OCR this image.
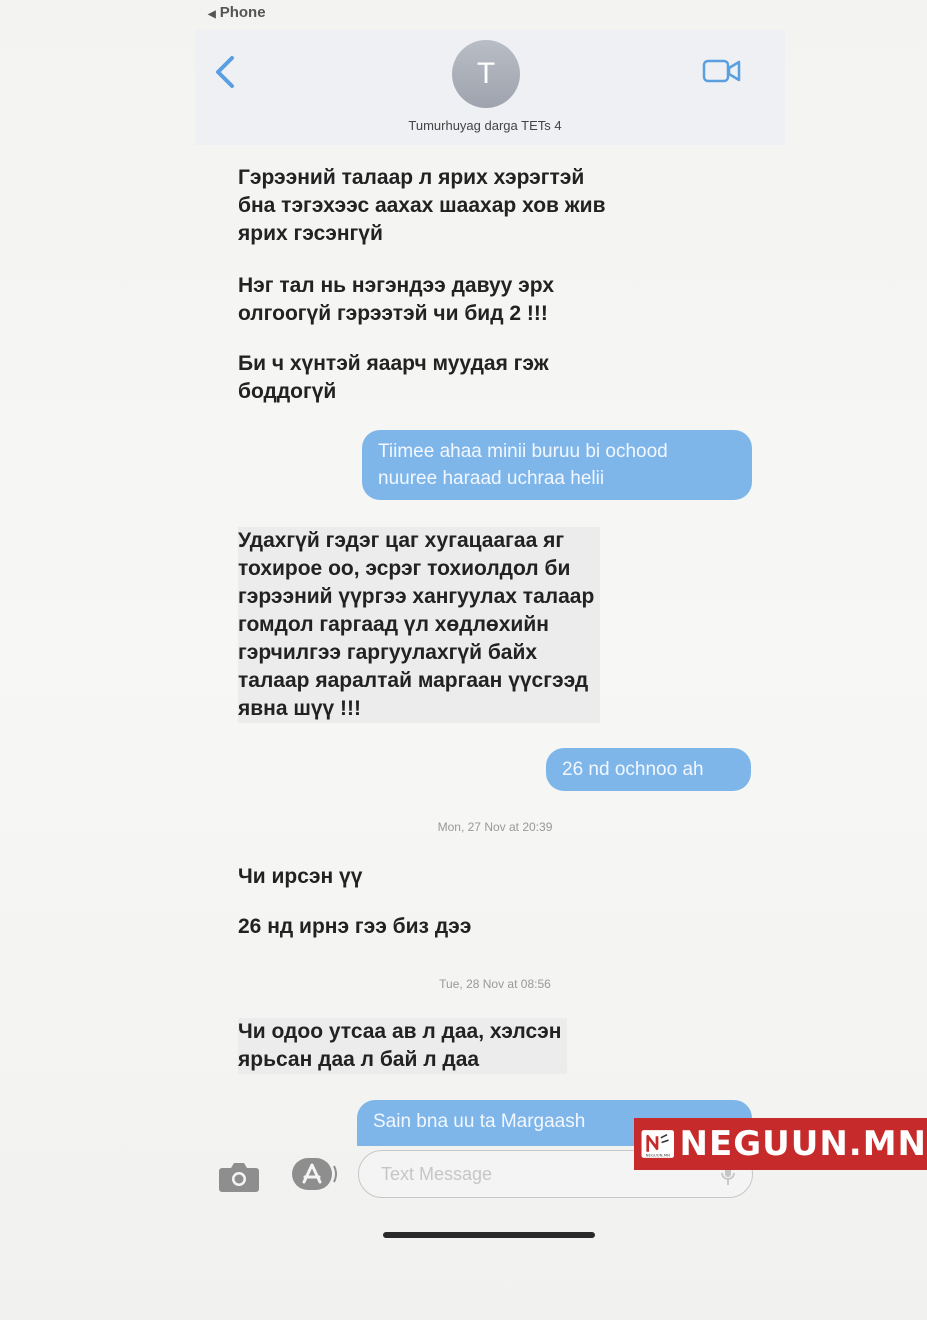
◀ Phone
T
Tumurhuyag darga TETs 4
Гэрээний талаар л ярих хэрэгтэй
бна тэгэхээс аахах шаахар хов жив
ярих гэсэнгүй
Нэг тал нь нэгэндээ давуу эрх
олгоогүй гэрээтэй чи бид 2 !!!
Би ч хүнтэй яаарч муудая гэж
боддогүй
Tiimee ahaa minii buruu bi ochood
nuuree haraad uchraa helii
Удахгүй гэдэг цаг хугацаагаа яг
тохирое оо, эсрэг тохиолдол би
гэрээний үүргээ хангуулах талаар
гомдол гаргаад үл хөдлөхийн
гэрчилгээ гаргуулахгүй байх
талаар яаралтай маргаан үүсгээд
явна шүү !!!
26 nd ochnoo ah
Mon, 27 Nov at 20:39
Чи ирсэн үү
26 нд ирнэ гээ биз дээ
Tue, 28 Nov at 08:56
Чи одоо утсаа ав л даа, хэлсэн
ярьсан даа л бай л даа
Sain bna uu ta Margaash
Text Message
NEGUUN.MN NEGUUN.MN
